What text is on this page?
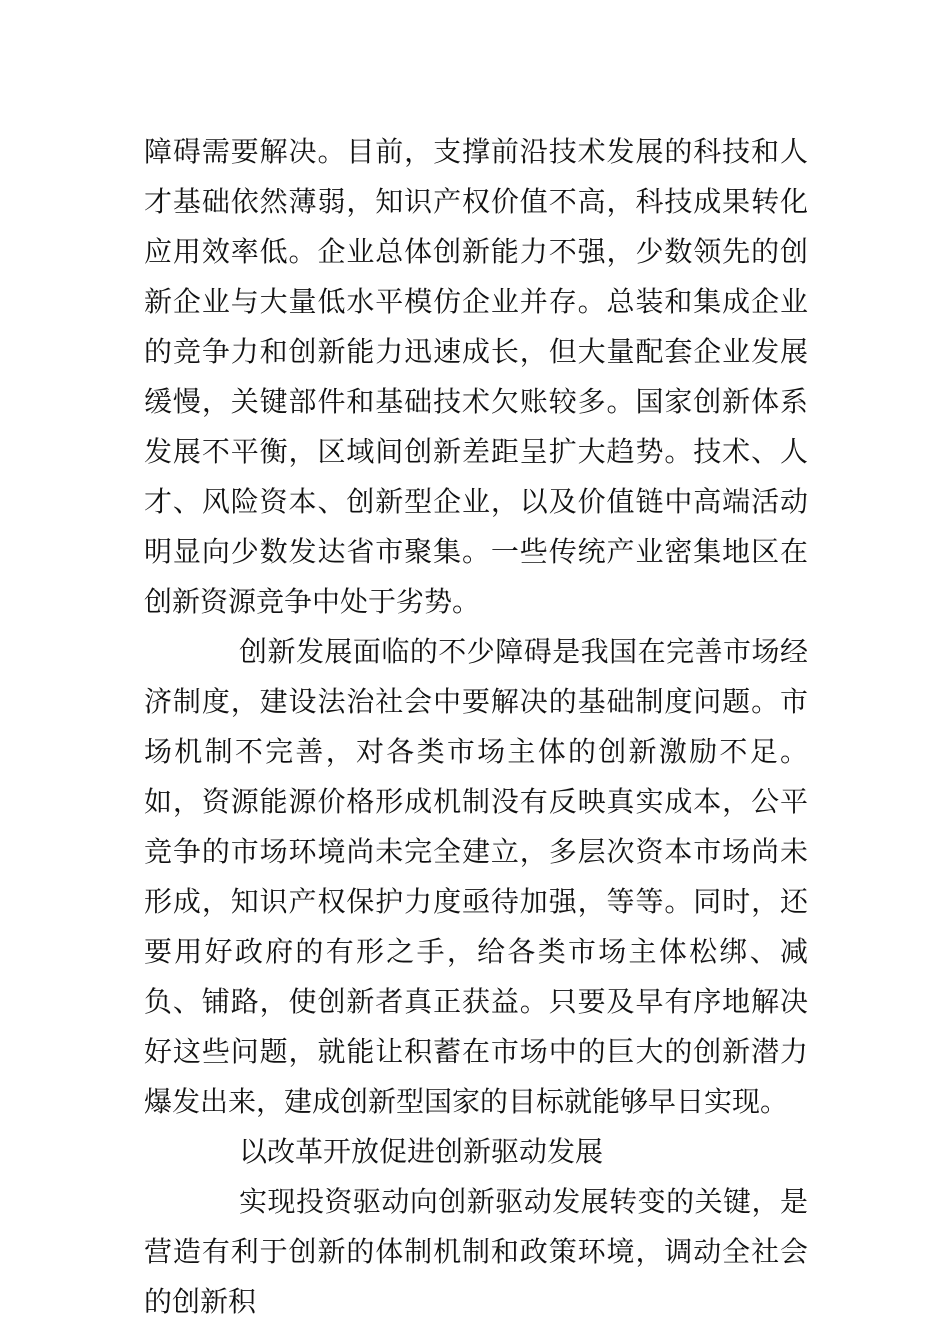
障碍需要解决。目前，支撑前沿技术发展的科技和人才基础依然薄弱，知识产权价值不高，科技成果转化应用效率低。企业总体创新能力不强，少数领先的创新企业与大量低水平模仿企业并存。总装和集成企业的竞争力和创新能力迅速成长，但大量配套企业发展缓慢，关键部件和基础技术欠账较多。国家创新体系发展不平衡，区域间创新差距呈扩大趋势。技术、人才、风险资本、创新型企业，以及价值链中高端活动明显向少数发达省市聚集。一些传统产业密集地区在创新资源竞争中处于劣势。

创新发展面临的不少障碍是我国在完善市场经济制度，建设法治社会中要解决的基础制度问题。市场机制不完善，对各类市场主体的创新激励不足。如，资源能源价格形成机制没有反映真实成本，公平竞争的市场环境尚未完全建立，多层次资本市场尚未形成，知识产权保护力度亟待加强，等等。同时，还要用好政府的有形之手，给各类市场主体松绑、减负、铺路，使创新者真正获益。只要及早有序地解决好这些问题，就能让积蓄在市场中的巨大的创新潜力爆发出来，建成创新型国家的目标就能够早日实现。

以改革开放促进创新驱动发展

实现投资驱动向创新驱动发展转变的关键，是营造有利于创新的体制机制和政策环境，调动全社会的创新积
